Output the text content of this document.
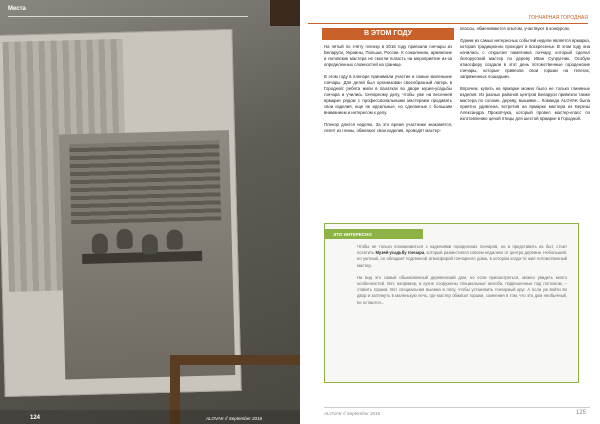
Места
124	ALOVAK // September 2016
ГОНЧАРНАЯ ГОРОДНАЯ
В ЭТОМ ГОДУ

На пятый по счёту пленэр в 2016 году приехали гончары из Беларуси, Украины, Польши, России. К сожалению, армянские и литовские мастера не смогли попасть на мероприятие из-за определенных сложностей на границе.

В этом году в пленэре принимали участие и самые маленькие гончары. Для детей был организован своеобразный лагерь в Городной: ребята жили в палатках во дворе музея-усадьбы гончара и учились гончарному делу, чтобы уже на весенней ярмарке рядом с профессиональными мастерами продавать свои изделия, еще не идеальные, но сделанные с большим вниманием и интересом к делу.

Пленэр длится неделю. За это время участники знакомятся, лепят из глины, обжигают свои изделия, проводят мастер-

классы, обмениваются опытом, участвуют в конкурсах.

Одним из самых интересных событий недели является ярмарка, которая традиционно проходит в воскресенье. В этом году она начилась с открытия памятника гончару, который сделал белорусский мастер по дереву Иван Супрунчик. Особую атмосферу создали в этот день потомственные городенские гончары, которые привезли свои горшки на телегах, запряженных лошадьми.

Впрочем, купить на ярмарке можно было не только глиняные изделия. Из разных районов центров Беларуси привезли также мастера по соломе, дереву, вышивке... Команда ALOVAK была приятно удивлена, встретив на ярмарке мастера из Березы Александра Прокопчука, который провел мастер-класс по изготовлению ценой птицы для шестой ярмарке в Городной.

ЭТО ИНТЕРЕСНО

Чтобы не только познакомиться с изделиями городенских гончаров, но и представить их быт, стоит посетить Музей-усадьбу гончара, который разместился совсем недалеко от центра деревни. Небольшой, но уютный, он обладает подлинной атмосферой гончарного дома, в котором когда-то жил потомственный мастер.

На вид это самый обыкновенный деревенский дом, но если присмотреться, можно увидеть много особенностей. Вот, например, в кухне сооружены специальные желоба, подвешенные под потолком, – ставить горшки. Вот специальная выемка в полу, чтобы установить гончарный круг. А если уж войти во двор и заглянуть в маленькую печь, где мастер обжигал горшки, сомнения в том, что это дом необычный, не остаются...

ALOVAK // September 2016	125
